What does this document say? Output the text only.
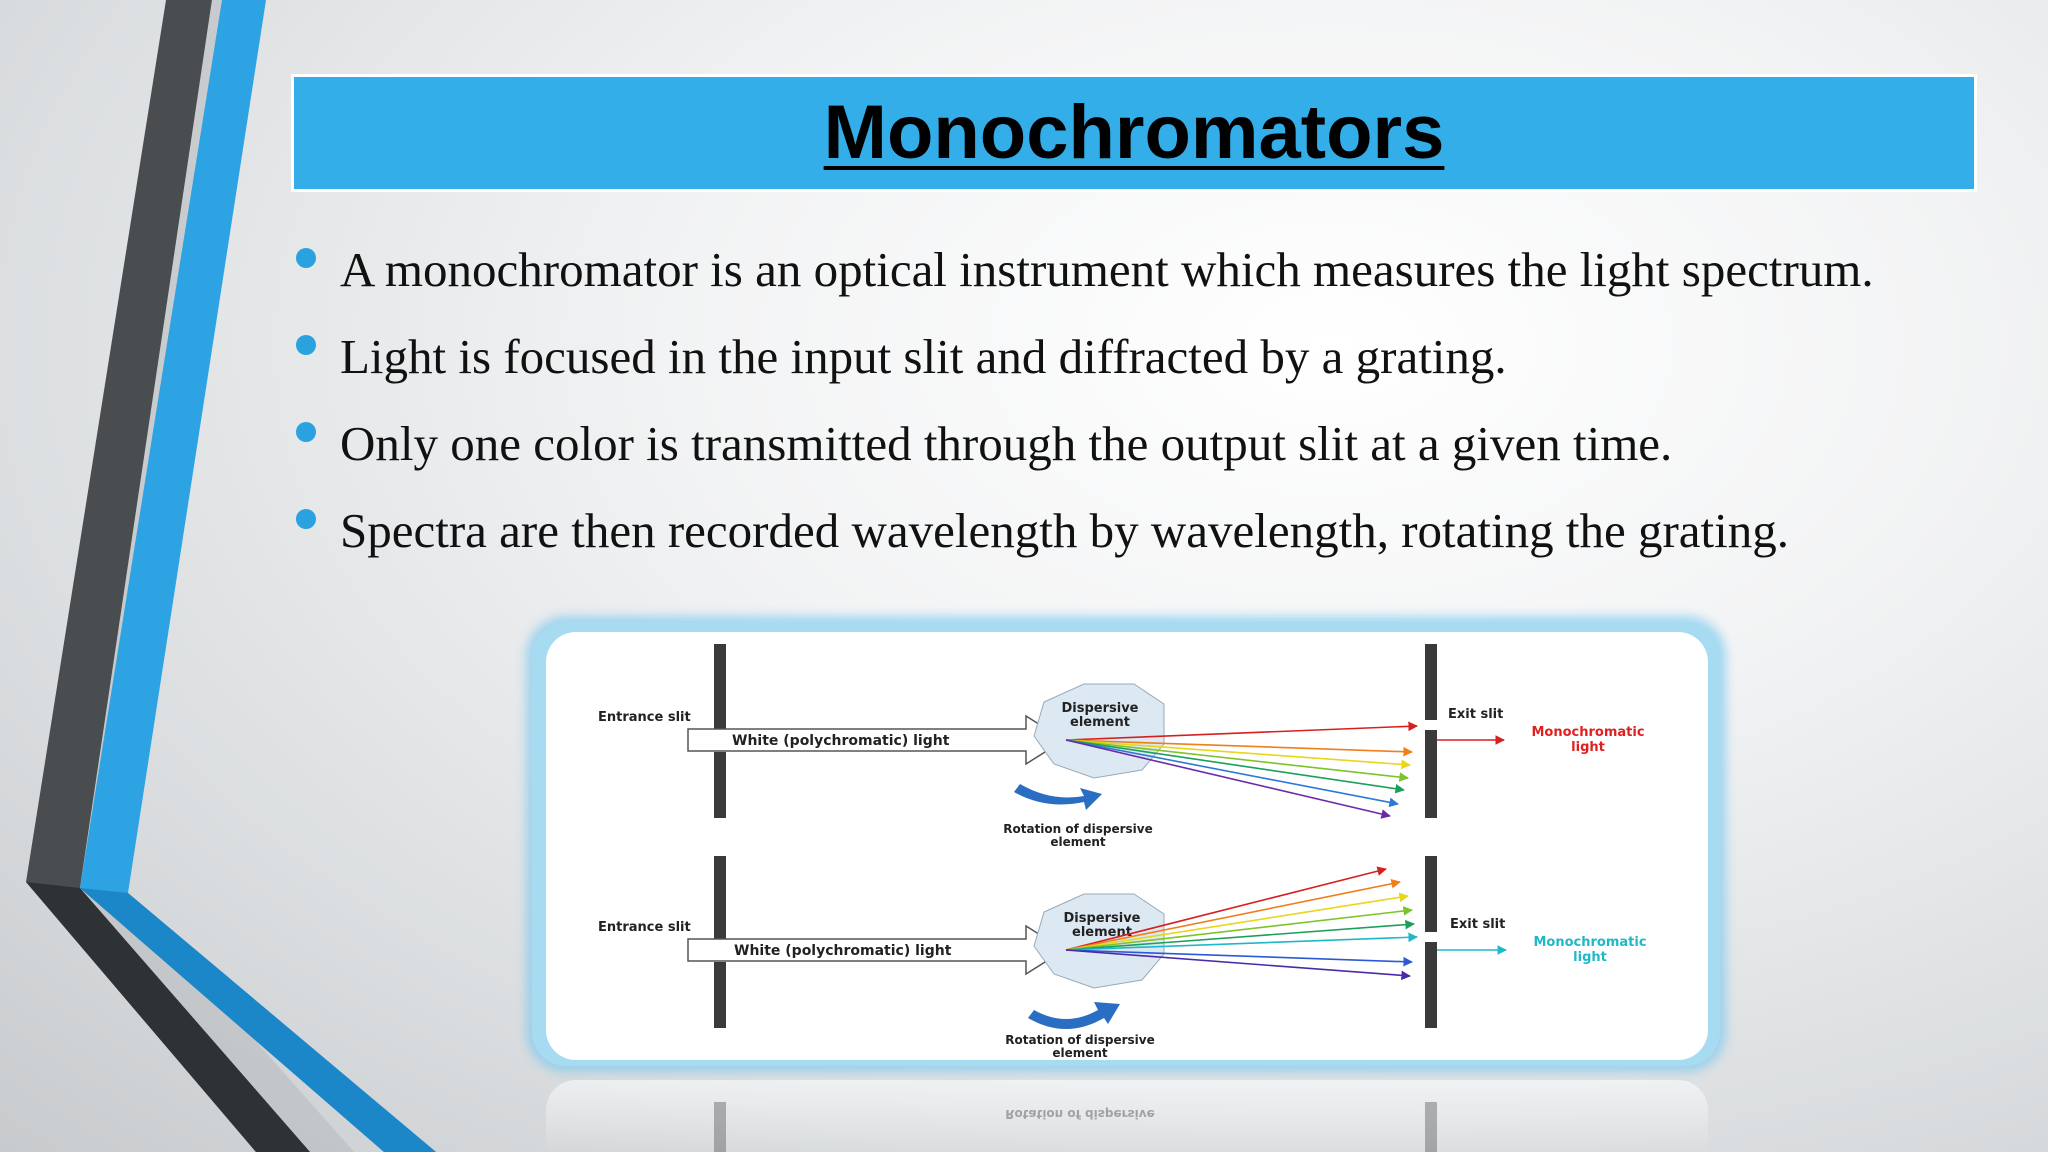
Monochromators
A monochromator is an optical instrument which measures the light spectrum.
Light is focused in the input slit and diffracted by a grating.
Only one color is transmitted through the output slit at a given time.
Spectra are then recorded wavelength by wavelength, rotating the grating.
Entrance slit
White (polychromatic) light
Dispersive
element
Exit slit
Monochromatic
light
Rotation of dispersive
element
Entrance slit
White (polychromatic) light
Dispersive
element
Exit slit
Monochromatic
light
Rotation of dispersive
element
Rotation of dispersive
